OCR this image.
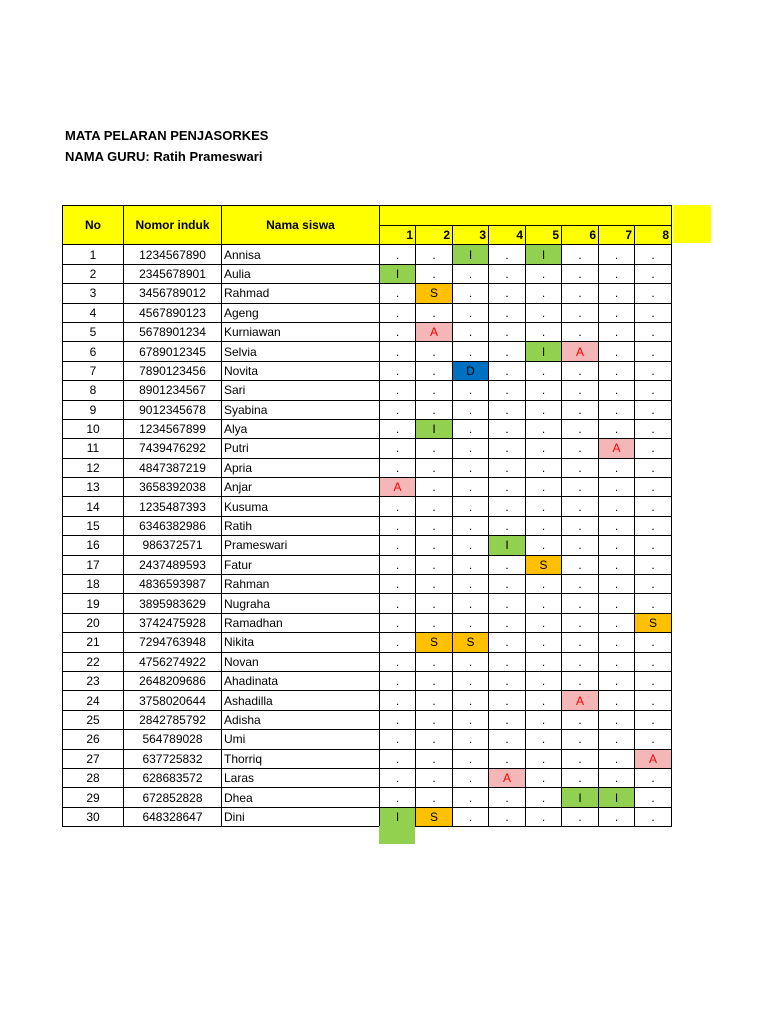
MATA PELARAN PENJASORKES
NAMA GURU: Ratih Prameswari
No	Nomor induk	Nama siswa								
			1	2	3	4	5	6	7	8
1	1234567890	Annisa	.	.	I	.	I	.	.	.
2	2345678901	Aulia	I	.	.	.	.	.	.	.
3	3456789012	Rahmad	.	S	.	.	.	.	.	.
4	4567890123	Ageng	.	.	.	.	.	.	.	.
5	5678901234	Kurniawan	.	A	.	.	.	.	.	.
6	6789012345	Selvia	.	.	.	.	I	A	.	.
7	7890123456	Novita	.	.	D	.	.	.	.	.
8	8901234567	Sari	.	.	.	.	.	.	.	.
9	9012345678	Syabina	.	.	.	.	.	.	.	.
10	1234567899	Alya	.	I	.	.	.	.	.	.
11	7439476292	Putri	.	.	.	.	.	.	A	.
12	4847387219	Apria	.	.	.	.	.	.	.	.
13	3658392038	Anjar	A	.	.	.	.	.	.	.
14	1235487393	Kusuma	.	.	.	.	.	.	.	.
15	6346382986	Ratih	.	.	.	.	.	.	.	.
16	986372571	Prameswari	.	.	.	I	.	.	.	.
17	2437489593	Fatur	.	.	.	.	S	.	.	.
18	4836593987	Rahman	.	.	.	.	.	.	.	.
19	3895983629	Nugraha	.	.	.	.	.	.	.	.
20	3742475928	Ramadhan	.	.	.	.	.	.	.	S
21	7294763948	Nikita	.	S	S	.	.	.	.	.
22	4756274922	Novan	.	.	.	.	.	.	.	.
23	2648209686	Ahadinata	.	.	.	.	.	.	.	.
24	3758020644	Ashadilla	.	.	.	.	.	A	.	.
25	2842785792	Adisha	.	.	.	.	.	.	.	.
26	564789028	Umi	.	.	.	.	.	.	.	.
27	637725832	Thorriq	.	.	.	.	.	.	.	A
28	628683572	Laras	.	.	.	A	.	.	.	.
29	672852828	Dhea	.	.	.	.	.	I	I	.
30	648328647	Dini	I	S	.	.	.	.	.	.
